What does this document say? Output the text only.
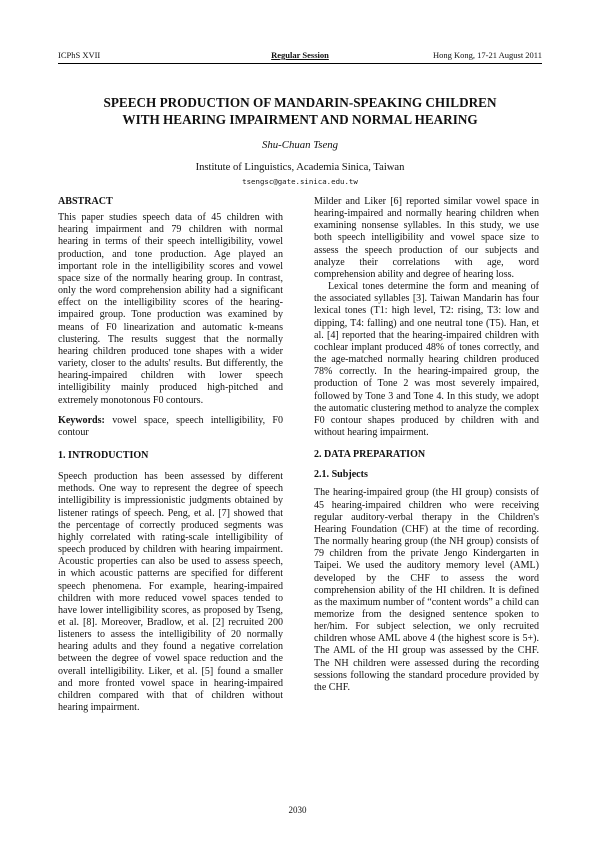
ICPhS XVII	Regular Session	Hong Kong, 17-21 August 2011
SPEECH PRODUCTION OF MANDARIN-SPEAKING CHILDREN
WITH HEARING IMPAIRMENT AND NORMAL HEARING
Shu-Chuan Tseng
Institute of Linguistics, Academia Sinica, Taiwan
tsengsc@gate.sinica.edu.tw

ABSTRACT

This paper studies speech data of 45 children with hearing impairment and 79 children with normal hearing in terms of their speech intelligibility, vowel production, and tone production. Age played an important role in the intelligibility scores and vowel space size of the normally hearing group. In contrast, only the word comprehension ability had a significant effect on the intelligibility scores of the hearing-impaired group. Tone production was examined by means of F0 linearization and automatic k-means clustering. The results suggest that the normally hearing children produced tone shapes with a wider variety, closer to the adults' results. But differently, the hearing-impaired children with lower speech intelligibility mainly produced high-pitched and extremely monotonous F0 contours.

Keywords: vowel space, speech intelligibility, F0 contour

1. INTRODUCTION

Speech production has been assessed by different methods. One way to represent the degree of speech intelligibility is impressionistic judgments obtained by listener ratings of speech. Peng, et al. [7] showed that the percentage of correctly produced segments was highly correlated with rating-scale intelligibility of speech produced by children with hearing impairment. Acoustic properties can also be used to assess speech, in which acoustic patterns are specified for different speech phenomena. For example, hearing-impaired children with more reduced vowel spaces tended to have lower intelligibility scores, as proposed by Tseng, et al. [8]. Moreover, Bradlow, et al. [2] recruited 200 listeners to assess the intelligibility of 20 normally hearing adults and they found a negative correlation between the degree of vowel space reduction and the overall intelligibility. Liker, et al. [5] found a smaller and more fronted vowel space in hearing-impaired children compared with that of children without hearing impairment.

Milder and Liker [6] reported similar vowel space in hearing-impaired and normally hearing children when examining nonsense syllables. In this study, we use both speech intelligibility and vowel space size to assess the speech production of our subjects and analyze their correlations with age, word comprehension ability and degree of hearing loss.

Lexical tones determine the form and meaning of the associated syllables [3]. Taiwan Mandarin has four lexical tones (T1: high level, T2: rising, T3: low and dipping, T4: falling) and one neutral tone (T5). Han, et al. [4] reported that the hearing-impaired children with cochlear implant produced 48% of tones correctly, and the age-matched normally hearing children produced 78% correctly. In the hearing-impaired group, the production of Tone 2 was most severely impaired, followed by Tone 3 and Tone 4. In this study, we adopt the automatic clustering method to analyze the complex F0 contour shapes produced by children with and without hearing impairment.

2. DATA PREPARATION

2.1. Subjects

The hearing-impaired group (the HI group) consists of 45 hearing-impaired children who were receiving regular auditory-verbal therapy in the Children's Hearing Foundation (CHF) at the time of recording. The normally hearing group (the NH group) consists of 79 children from the private Jengo Kindergarten in Taipei. We used the auditory memory level (AML) developed by the CHF to assess the word comprehension ability of the HI children. It is defined as the maximum number of “content words” a child can memorize from the designed sentence spoken to her/him. For subject selection, we only recruited children whose AML above 4 (the highest score is 5+). The AML of the HI group was assessed by the CHF. The NH children were assessed during the recording sessions following the standard procedure provided by the CHF.

2030
